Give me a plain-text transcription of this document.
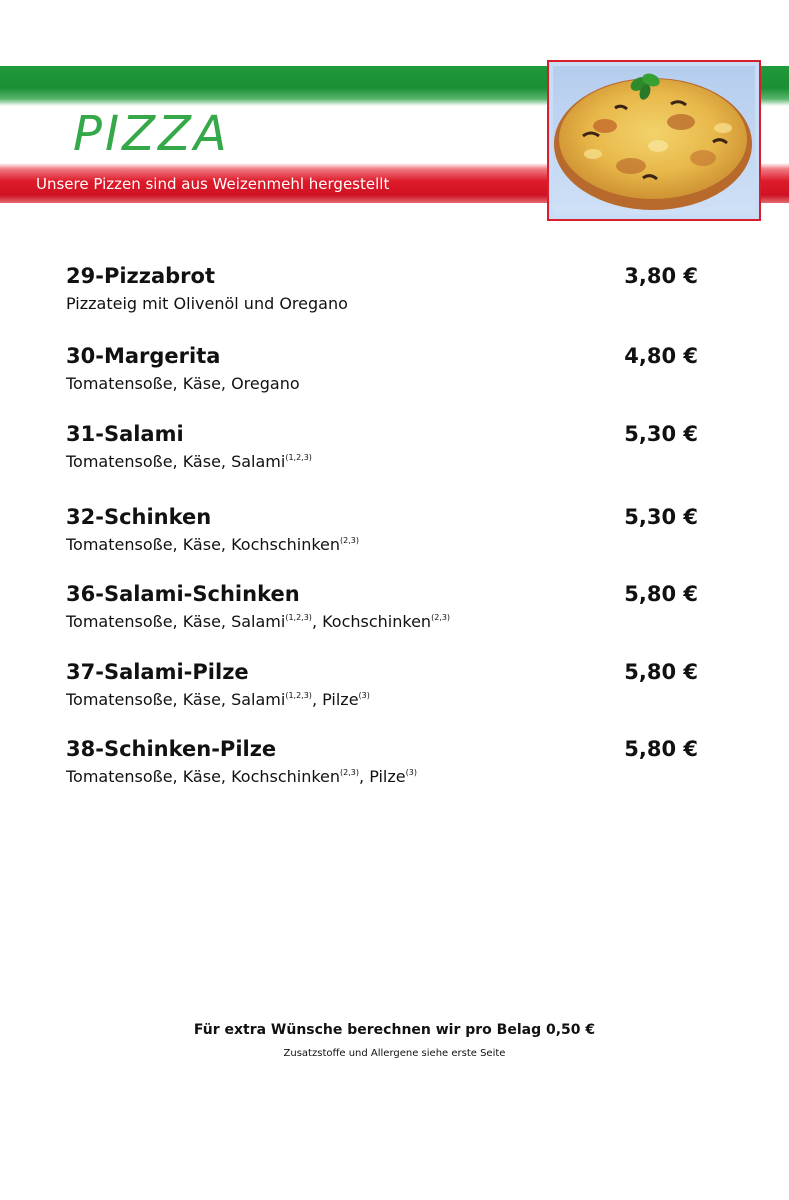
PIZZA
Unsere Pizzen sind aus Weizenmehl hergestellt
29-Pizzabrot	3,80 €
Pizzateig mit Olivenöl und Oregano
30-Margerita	4,80 €
Tomatensoße, Käse, Oregano
31-Salami	5,30 €
Tomatensoße, Käse, Salami$^{(1,2,3)}$
32-Schinken	5,30 €
Tomatensoße, Käse, Kochschinken$^{(2,3)}$
36-Salami-Schinken	5,80 €
Tomatensoße, Käse, Salami$^{(1,2,3)}$, Kochschinken$^{(2,3)}$
37-Salami-Pilze	5,80 €
Tomatensoße, Käse, Salami$^{(1,2,3)}$, Pilze$^{(3)}$
38-Schinken-Pilze	5,80 €
Tomatensoße, Käse, Kochschinken$^{(2,3)}$, Pilze$^{(3)}$
Für extra Wünsche berechnen wir pro Belag 0,50 €
Zusatzstoffe und Allergene siehe erste Seite
